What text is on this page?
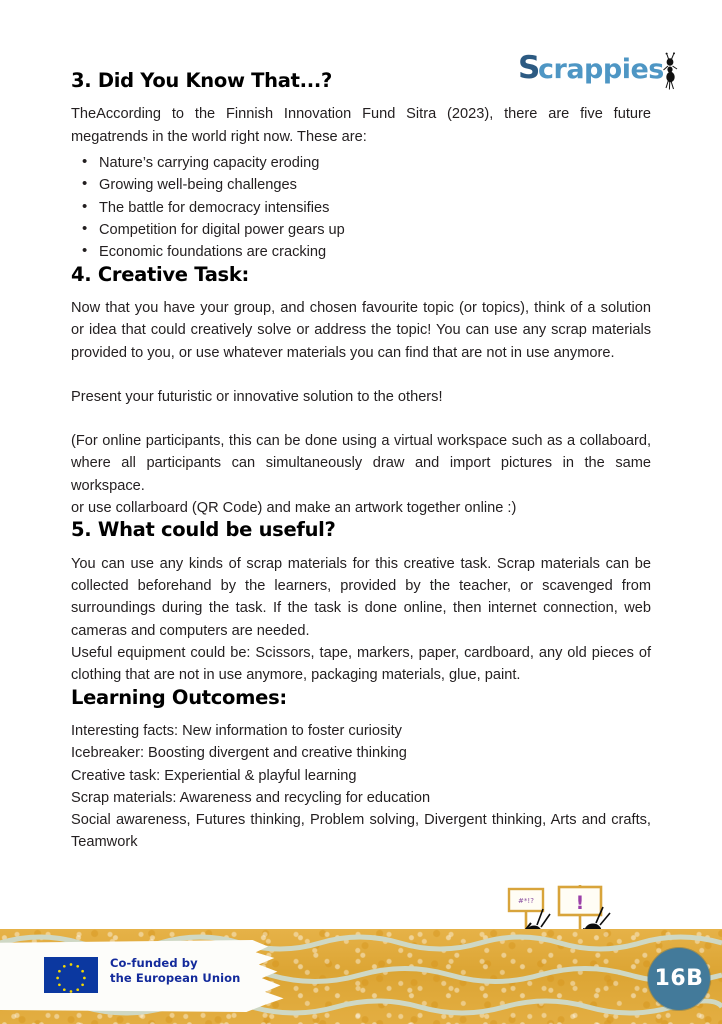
S
crappies
3. Did You Know That...?

TheAccording to the Finnish Innovation Fund Sitra (2023), there are five future megatrends in the world right now. These are:

• Nature’s carrying capacity eroding
• Growing well-being challenges
• The battle for democracy intensifies
• Competition for digital power gears up
• Economic foundations are cracking
4. Creative Task:

Now that you have your group, and chosen favourite topic (or topics), think of a solution or idea that could creatively solve or address the topic! You can use any scrap materials provided to you, or use whatever materials you can find that are not in use anymore.

Present your futuristic or innovative solution to the others!

(For online participants, this can be done using a virtual workspace such as a collaboard, where all participants can simultaneously draw and import pictures in the same workspace.

or use collarboard (QR Code) and make an artwork together online :)

5. What could be useful?

You can use any kinds of scrap materials for this creative task. Scrap materials can be collected beforehand by the learners, provided by the teacher, or scavenged from surroundings during the task. If the task is done online, then internet connection, web cameras and computers are needed.

Useful equipment could be: Scissors, tape, markers, paper, cardboard, any old pieces of clothing that are not in use anymore, packaging materials, glue, paint.

Learning Outcomes:

Interesting facts: New information to foster curiosity

Icebreaker: Boosting divergent and creative thinking

Creative task: Experiential & playful learning

Scrap materials: Awareness and recycling for education

Social awareness, Futures thinking, Problem solving, Divergent thinking, Arts and crafts, Teamwork

#*!? !
Co-funded by
the European Union	16B
